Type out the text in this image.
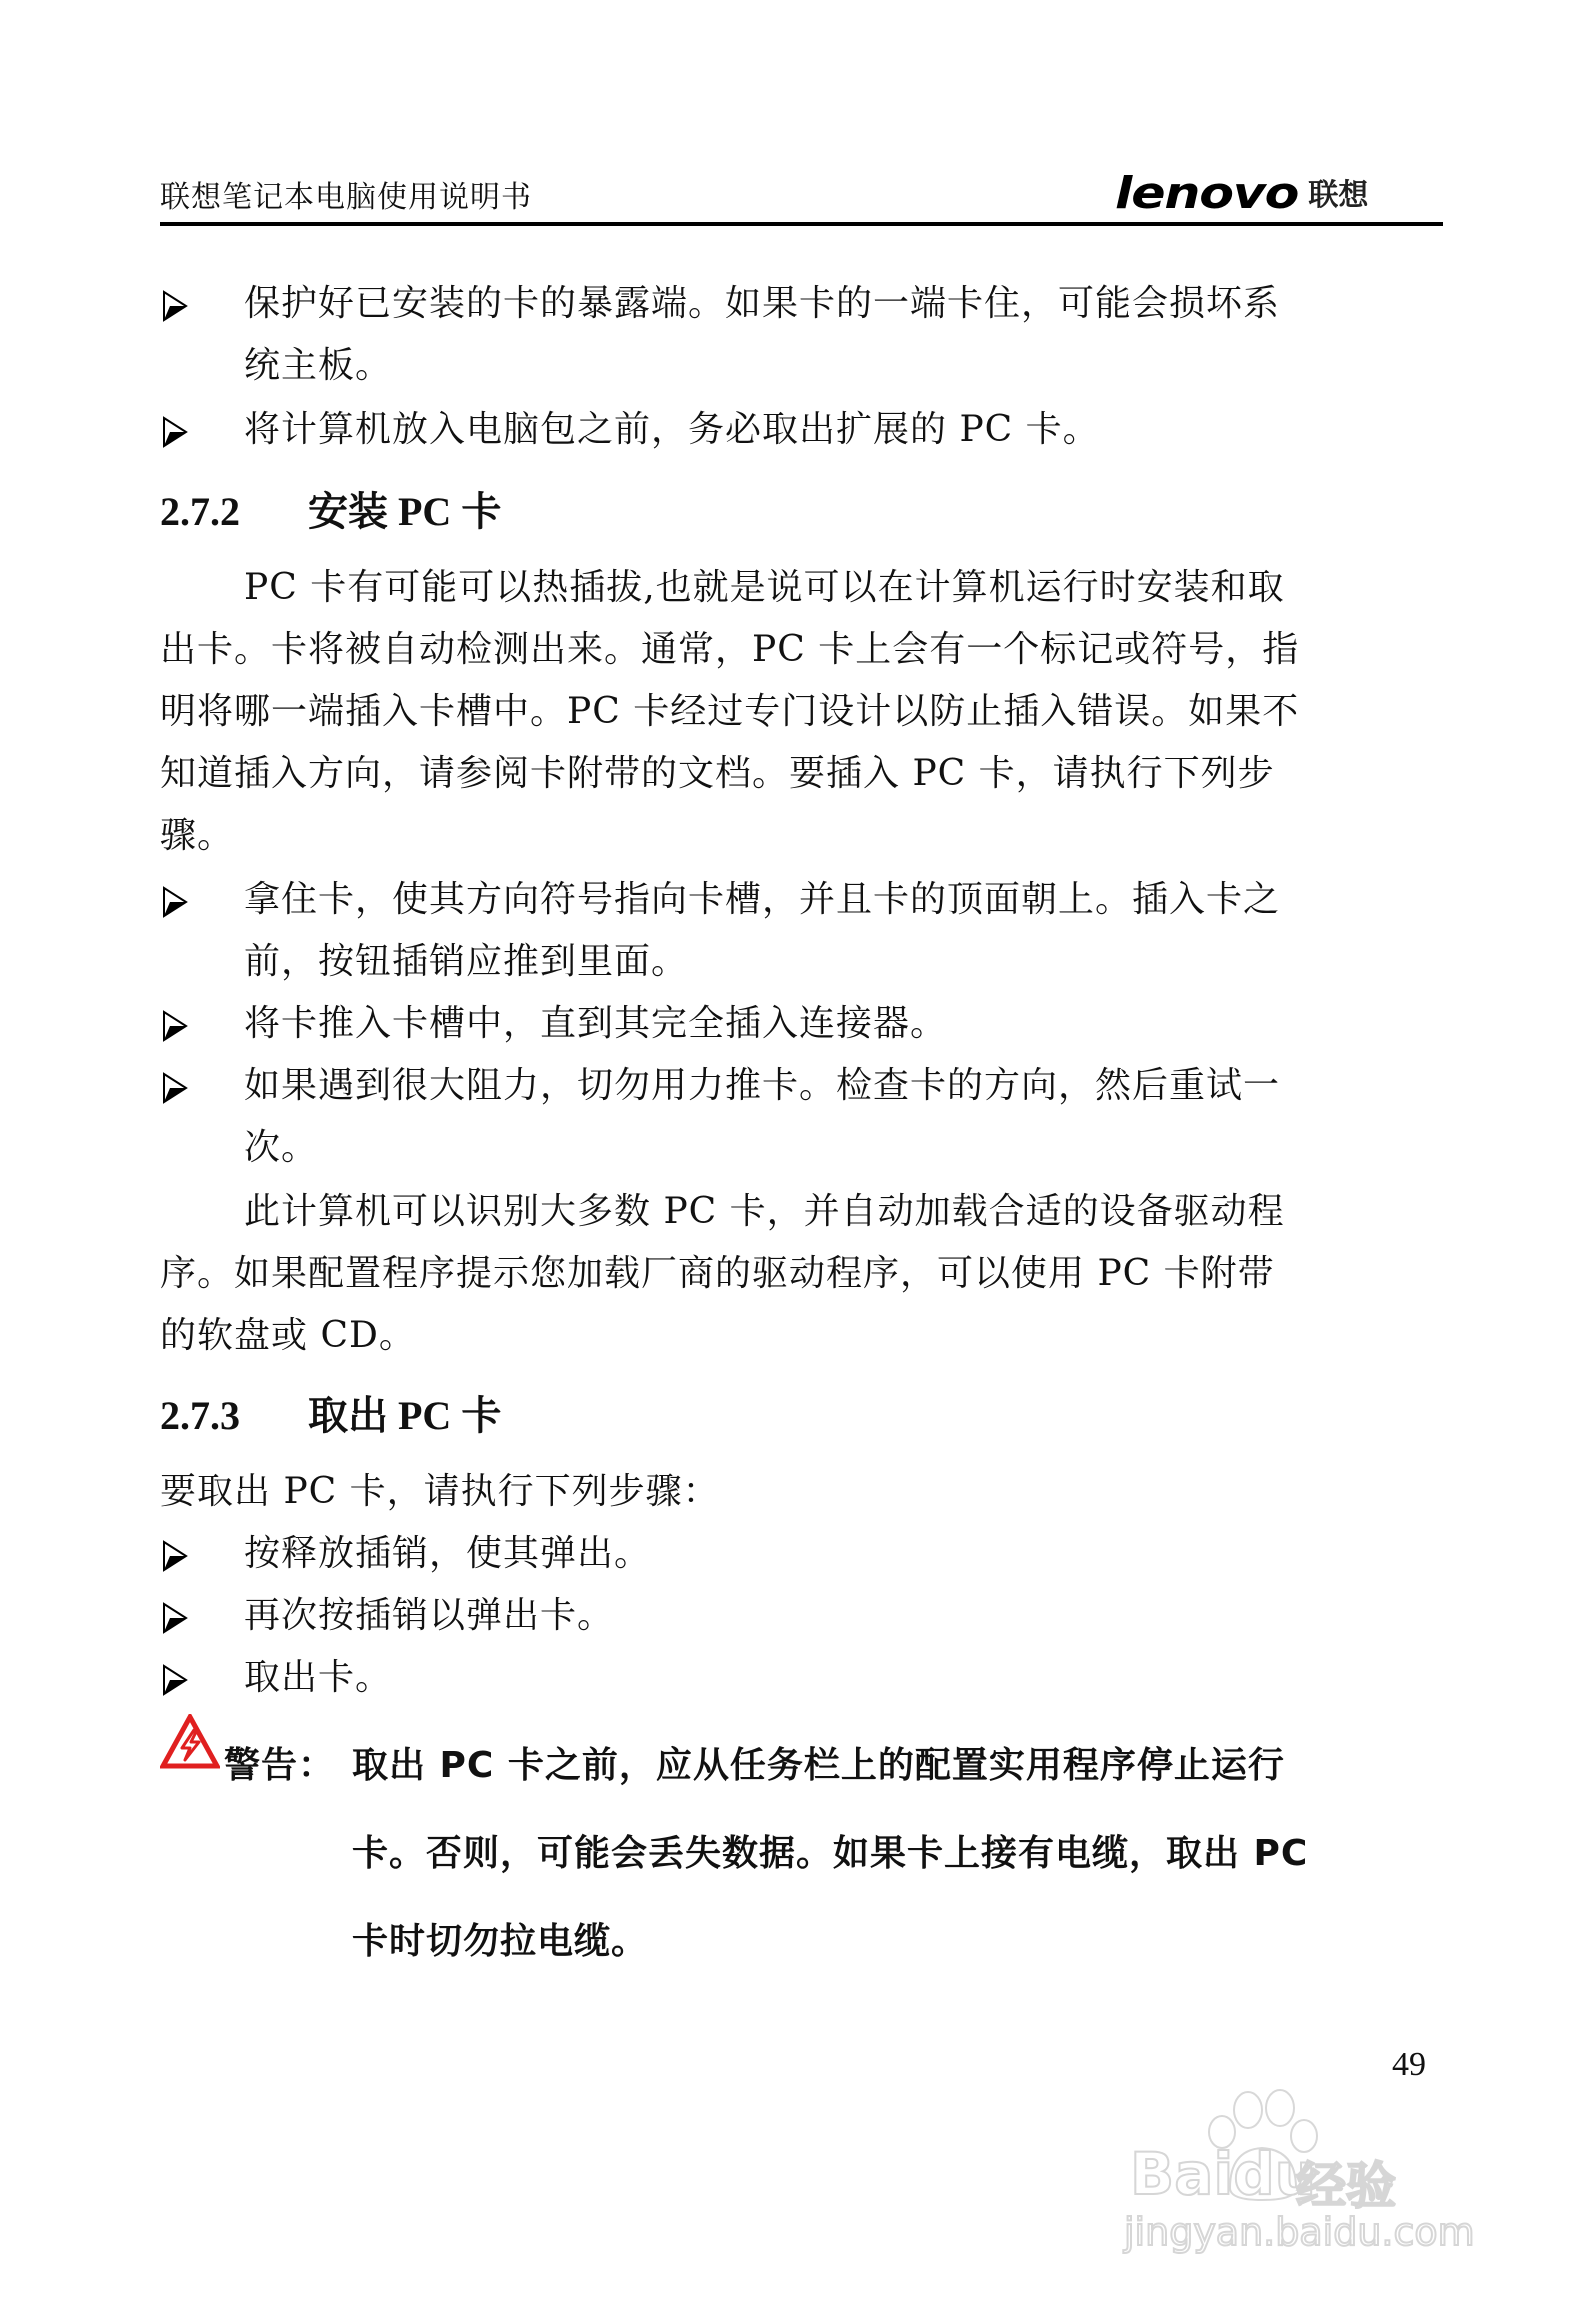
联想笔记本电脑使用说明书	lenovo 联想
保护好已安装的卡的暴露端。如果卡的一端卡住，可能会损坏系
统主板。
将计算机放入电脑包之前，务必取出扩展的 PC 卡。
2.7.2 安装 PC 卡
PC 卡有可能可以热插拔,也就是说可以在计算机运行时安装和取
出卡。卡将被自动检测出来。通常，PC 卡上会有一个标记或符号，指
明将哪一端插入卡槽中。PC 卡经过专门设计以防止插入错误。如果不
知道插入方向，请参阅卡附带的文档。要插入 PC 卡，请执行下列步
骤。
拿住卡，使其方向符号指向卡槽，并且卡的顶面朝上。插入卡之
前，按钮插销应推到里面。
将卡推入卡槽中，直到其完全插入连接器。
如果遇到很大阻力，切勿用力推卡。检查卡的方向，然后重试一
次。
此计算机可以识别大多数 PC 卡，并自动加载合适的设备驱动程
序。如果配置程序提示您加载厂商的驱动程序，可以使用 PC 卡附带
的软盘或 CD。
2.7.3 取出 PC 卡
要取出 PC 卡，请执行下列步骤：
按释放插销，使其弹出。
再次按插销以弹出卡。
取出卡。
警告： 取出 PC 卡之前，应从任务栏上的配置实用程序停止运行
卡。否则，可能会丢失数据。如果卡上接有电缆，取出 PC
卡时切勿拉电缆。
49
Baidu
经验
jingyan.baidu.com
